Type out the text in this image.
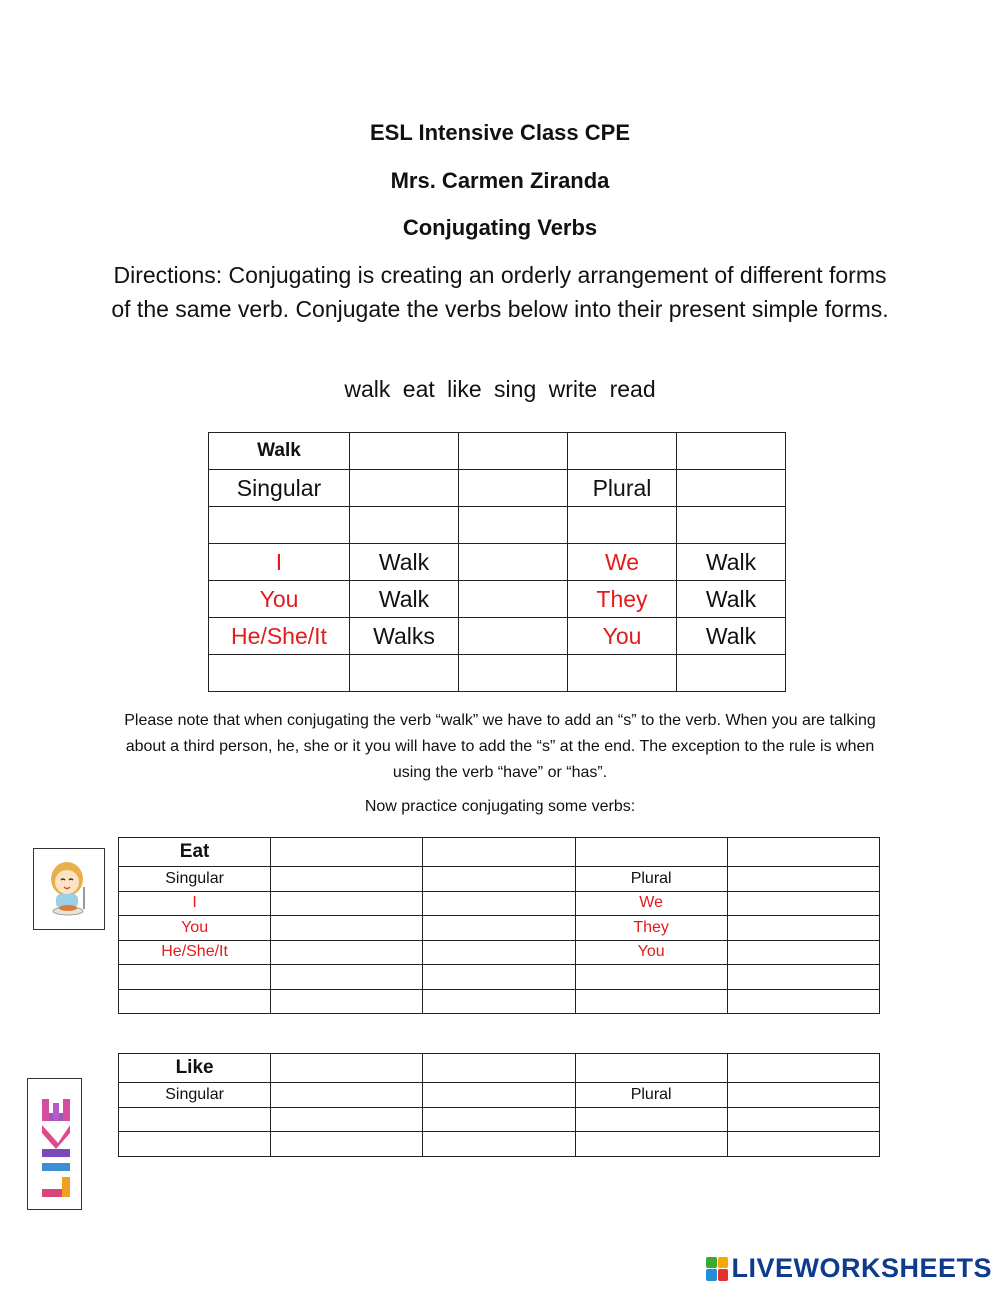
ESL Intensive Class CPE
Mrs. Carmen Ziranda
Conjugating Verbs
Directions: Conjugating is creating an orderly arrangement of different forms of the same verb. Conjugate the verbs below into their present simple forms.
walk eat like sing write read
Walk				
Singular			Plural	

I	Walk		We	Walk
You	Walk		They	Walk
He/She/It	Walks		You	Walk

Please note that when conjugating the verb “walk” we have to add an “s” to the verb. When you are talking about a third person, he, she or it you will have to add the “s” at the end. The exception to the rule is when using the verb “have” or “has”.
Now practice conjugating some verbs:
Eat				
Singular			Plural	
I			We	
You			They	
He/She/It			You	

Like				
Singular			Plural	

LIVEWORKSHEETS
